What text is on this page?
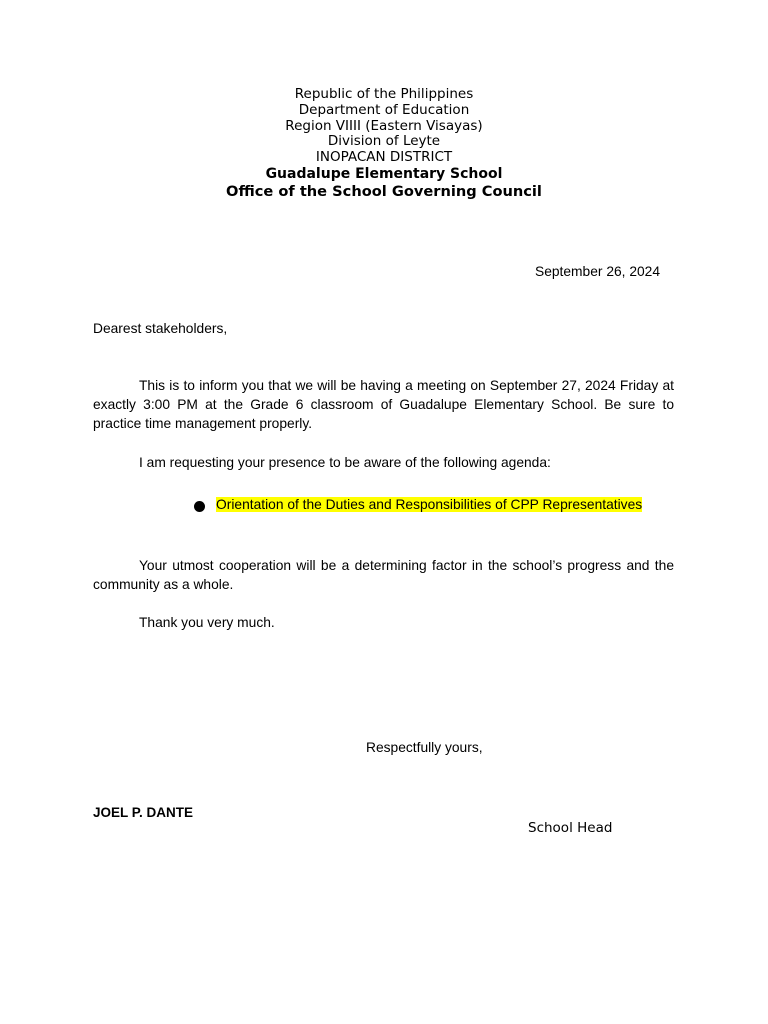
Republic of the Philippines
Department of Education
Region VIIII (Eastern Visayas)
Division of Leyte
INOPACAN DISTRICT
Guadalupe Elementary School
Office of the School Governing Council
September 26, 2024
Dearest stakeholders,
This is to inform you that we will be having a meeting on September 27, 2024 Friday at exactly 3:00 PM at the Grade 6 classroom of Guadalupe Elementary School. Be sure to practice time management properly.
I am requesting your presence to be aware of the following agenda:
Orientation of the Duties and Responsibilities of CPP Representatives
Your utmost cooperation will be a determining factor in the school’s progress and the community as a whole.
Thank you very much.
Respectfully yours,
JOEL P. DANTE
School Head
